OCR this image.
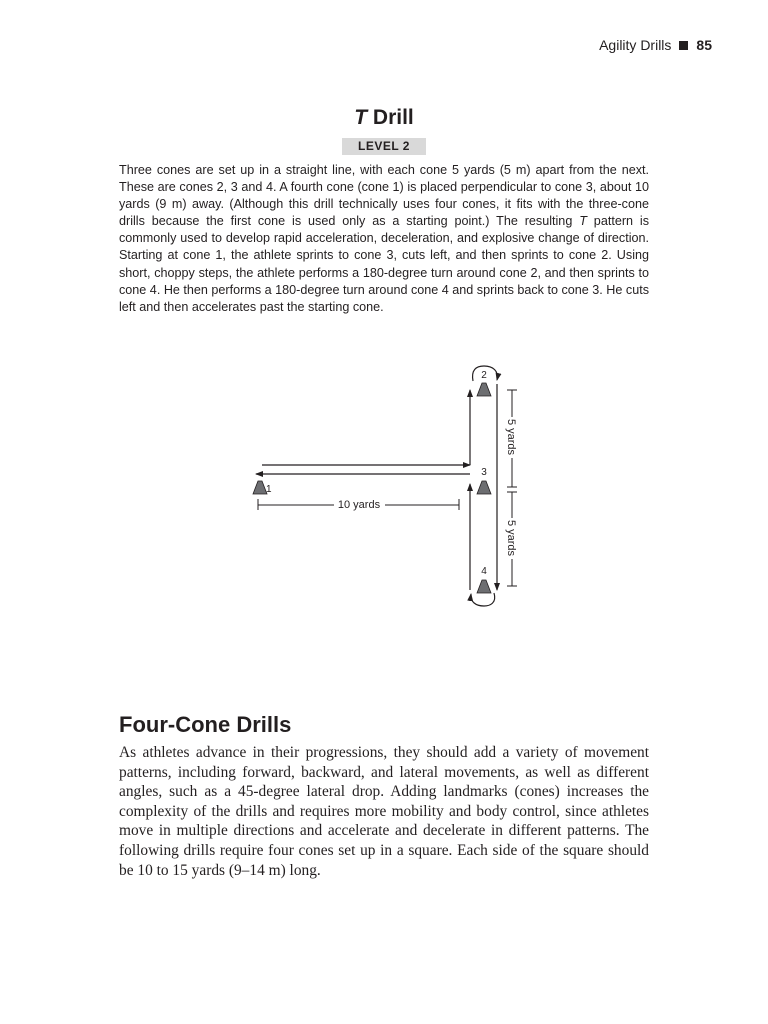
Agility Drills 85
T Drill
LEVEL 2

Three cones are set up in a straight line, with each cone 5 yards (5 m) apart from the next. These are cones 2, 3 and 4. A fourth cone (cone 1) is placed perpendicular to cone 3, about 10 yards (9 m) away. (Although this drill technically uses four cones, it fits with the three-cone drills because the first cone is used only as a starting point.) The resulting T pattern is commonly used to develop rapid acceleration, deceleration, and explosive change of direction. Starting at cone 1, the athlete sprints to cone 3, cuts left, and then sprints to cone 2. Using short, choppy steps, the athlete performs a 180-degree turn around cone 2, and then sprints to cone 4. He then performs a 180-degree turn around cone 4 and sprints back to cone 3. He cuts left and then accelerates past the starting cone.

1
2
3
4
10 yards
5 yards
5 yards
Four-Cone Drills

As athletes advance in their progressions, they should add a variety of movement patterns, including forward, backward, and lateral movements, as well as different angles, such as a 45-degree lateral drop. Adding landmarks (cones) increases the complexity of the drills and requires more mobility and body control, since athletes move in multiple directions and accelerate and decelerate in different patterns. The following drills require four cones set up in a square. Each side of the square should be 10 to 15 yards (9–14 m) long.
